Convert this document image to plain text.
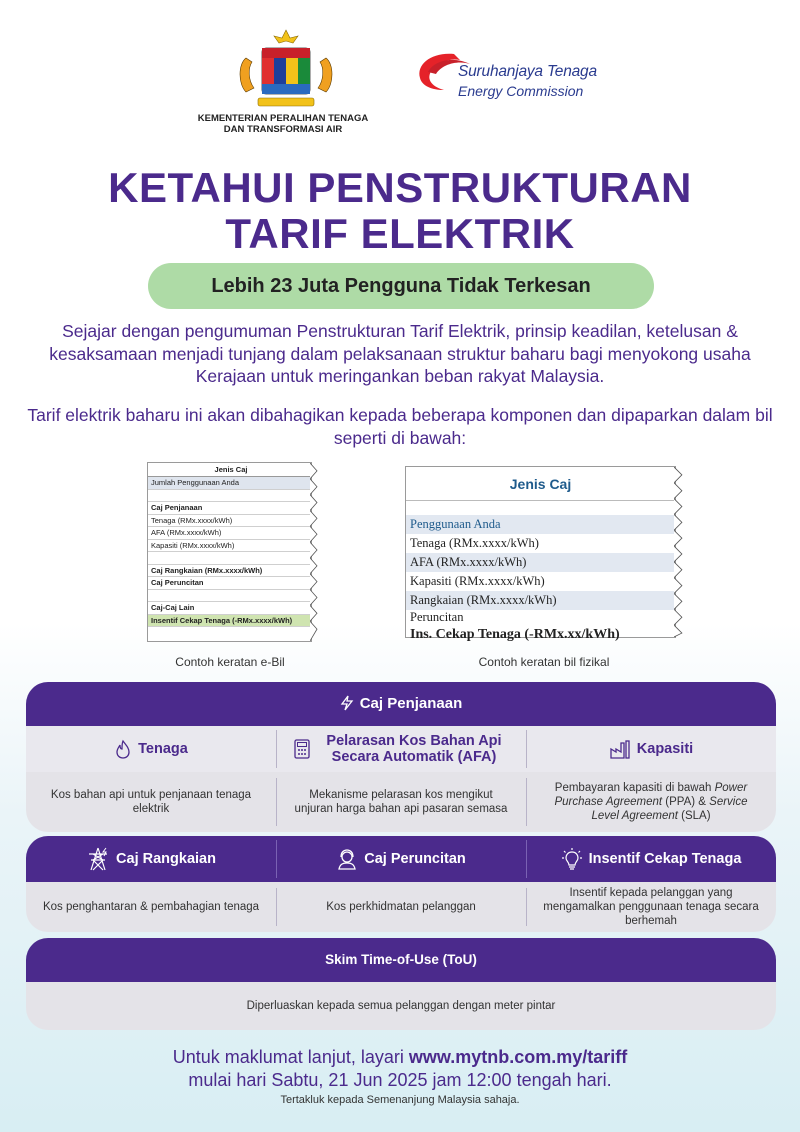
KEMENTERIAN PERALIHAN TENAGA
DAN TRANSFORMASI AIR
Suruhanjaya Tenaga
Energy Commission
KETAHUI PENSTRUKTURAN
TARIF ELEKTRIK
Lebih 23 Juta Pengguna Tidak Terkesan
Sejajar dengan pengumuman Penstrukturan Tarif Elektrik, prinsip keadilan, ketelusan & kesaksamaan menjadi tunjang dalam pelaksanaan struktur baharu bagi menyokong usaha Kerajaan untuk meringankan beban rakyat Malaysia.
Tarif elektrik baharu ini akan dibahagikan kepada beberapa komponen dan dipaparkan dalam bil seperti di bawah:
Jenis Caj
Jumlah Penggunaan Anda
Caj Penjanaan
Tenaga (RMx.xxxx/kWh)
AFA (RMx.xxxx/kWh)
Kapasiti (RMx.xxxx/kWh)
Caj Rangkaian (RMx.xxxx/kWh)
Caj Peruncitan
Caj-Caj Lain
Insentif Cekap Tenaga (-RMx.xxxx/kWh)
Contoh keratan e-Bil
Jenis Caj
Penggunaan Anda
Tenaga (RMx.xxxx/kWh)
AFA (RMx.xxxx/kWh)
Kapasiti (RMx.xxxx/kWh)
Rangkaian (RMx.xxxx/kWh)
Peruncitan
Ins. Cekap Tenaga (-RMx.xx/kWh)
Contoh keratan bil fizikal
Caj Penjanaan
Tenaga	Pelarasan Kos Bahan Api Secara Automatik (AFA)	Kapasiti
Kos bahan api untuk penjanaan tenaga elektrik
Mekanisme pelarasan kos mengikut unjuran harga bahan api pasaran semasa
Pembayaran kapasiti di bawah Power Purchase Agreement (PPA) & Service Level Agreement (SLA)
Caj Rangkaian	Caj Peruncitan	Insentif Cekap Tenaga
Kos penghantaran & pembahagian tenaga	Kos perkhidmatan pelanggan
Insentif kepada pelanggan yang mengamalkan penggunaan tenaga secara berhemah
Skim Time-of-Use (ToU)
Diperluaskan kepada semua pelanggan dengan meter pintar
Untuk maklumat lanjut, layari www.mytnb.com.my/tariff
mulai hari Sabtu, 21 Jun 2025 jam 12:00 tengah hari.
Tertakluk kepada Semenanjung Malaysia sahaja.
